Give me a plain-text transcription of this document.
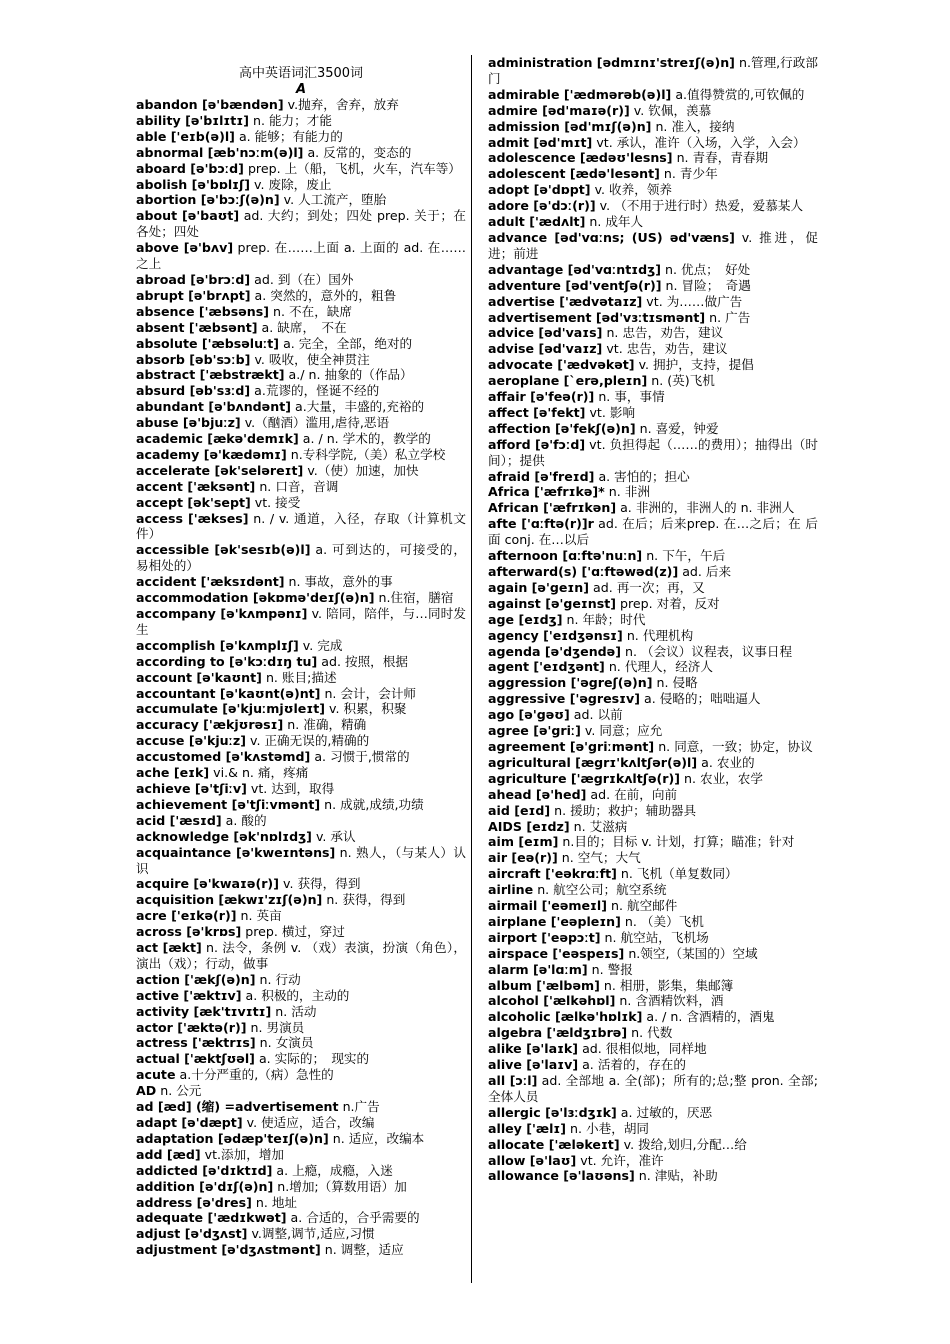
高中英语词汇3500词
A

abandon [ə'bændən] v.抛弃，舍弃，放弃

ability [ə'bɪlɪtɪ] n. 能力；才能

able ['eɪb(ə)l] a. 能够；有能力的

abnormal [æb'nɔːm(ə)l] a. 反常的，变态的

aboard [ə'bɔːd] prep. 上（船，飞机，火车，汽车等）

abolish [ə'bɒlɪʃ] v. 废除，废止

abortion [ə'bɔːʃ(ə)n] v. 人工流产，堕胎

about [ə'baʊt] ad. 大约；到处；四处 prep. 关于；在各处；四处

above [ə'bʌv] prep. 在……上面 a. 上面的 ad. 在……之上

abroad [ə'brɔːd] ad. 到（在）国外

abrupt [ə'brʌpt] a. 突然的，意外的，粗鲁

absence ['æbsəns] n. 不在，缺席

absent ['æbsənt] a. 缺席，　不在

absolute ['æbsəluːt] a. 完全，全部，绝对的

absorb [əb'sɔːb] v. 吸收，使全神贯注

abstract ['æbstrækt] a./ n. 抽象的（作品）

absurd [əb'sɜːd] a.荒谬的，怪诞不经的

abundant [ə'bʌndənt] a.大量，丰盛的,充裕的

abuse [ə'bjuːz] v.（酗酒）滥用,虐待,恶语

academic [ækə'demɪk] a. / n. 学术的，教学的

academy [ə'kædəmɪ] n.专科学院,（美）私立学校

accelerate [ək'seləreɪt] v.（使）加速，加快

accent ['æksənt] n. 口音，音调

accept [ək'sept] vt. 接受

access ['ækses] n. / v. 通道，入径，存取（计算机文件）

accessible [ək'sesɪb(ə)l] a. 可到达的，可接受的，易相处的）

accident ['æksɪdənt] n. 事故，意外的事

accommodation [əkɒmə'deɪʃ(ə)n] n.住宿，膳宿

accompany [ə'kʌmpənɪ] v. 陪同，陪伴，与…同时发生

accomplish [ə'kʌmplɪʃ] v. 完成

according to [ə'kɔːdɪŋ tu] ad. 按照，根据

account [ə'kaʊnt] n. 账目;描述

accountant [ə'kaʊnt(ə)nt] n. 会计，会计师

accumulate [ə'kjuːmjʊleɪt] v. 积累，积聚

accuracy ['ækjʊrəsɪ] n. 准确，精确

accuse [ə'kjuːz] v. 正确无误的,精确的

accustomed [ə'kʌstəmd] a. 习惯于,惯常的

ache [eɪk] vi.& n. 痛，疼痛

achieve [ə'tʃiːv] vt. 达到，取得

achievement [ə'tʃiːvmənt] n. 成就,成绩,功绩

acid ['æsɪd] a. 酸的

acknowledge [ək'nɒlɪdʒ] v. 承认

acquaintance [ə'kweɪntəns] n. 熟人，（与某人）认识

acquire [ə'kwaɪə(r)] v. 获得，得到

acquisition [ækwɪ'zɪʃ(ə)n] n. 获得，得到

acre ['eɪkə(r)] n. 英亩

across [ə'krɒs] prep. 横过，穿过

act [ækt] n. 法令，条例 v. （戏）表演，扮演（角色），演出（戏）；行动，做事

action ['ækʃ(ə)n] n. 行动

active ['æktɪv] a. 积极的，主动的

activity [æk'tɪvɪtɪ] n. 活动

actor ['æktə(r)] n. 男演员

actress ['æktrɪs] n. 女演员

actual ['æktʃʊəl] a. 实际的；　现实的

acute a.十分严重的,（病）急性的

AD n. 公元

ad [æd] (缩) =advertisement n.广告

adapt [ə'dæpt] v. 使适应，适合，改编

adaptation [ədæp'teɪʃ(ə)n] n. 适应，改编本

add [æd] vt.添加，增加

addicted [ə'dɪktɪd] a. 上瘾，成瘾，入迷

addition [ə'dɪʃ(ə)n] n.增加;（算数用语）加

address [ə'dres] n. 地址

adequate ['ædɪkwət] a. 合适的，合乎需要的

adjust [ə'dʒʌst] v.调整,调节,适应,习惯

adjustment [ə'dʒʌstmənt] n. 调整，适应

administration [ədmɪnɪ'streɪʃ(ə)n] n.管理,行政部门

admirable ['ædmərəb(ə)l] a.值得赞赏的,可钦佩的

admire [əd'maɪə(r)] v. 钦佩，羡慕

admission [əd'mɪʃ(ə)n] n. 准入，接纳

admit [əd'mɪt] vt. 承认，准许（入场，入学，入会）

adolescence [ædəʊ'lesns] n. 青春，青春期

adolescent [ædə'lesənt] n. 青少年

adopt [ə'dɒpt] v. 收养，领养

adore [ə'dɔː(r)] v. （不用于进行时）热爱，爱慕某人

adult ['ædʌlt] n. 成年人

advance [əd'vɑːns; (US) əd'væns] v. 推进，促进；前进

advantage [əd'vɑːntɪdʒ] n. 优点；　好处

adventure [əd'ventʃə(r)] n. 冒险；　奇遇

advertise ['ædvətaɪz] vt. 为……做广告

advertisement [əd'vɜːtɪsmənt] n. 广告

advice [əd'vaɪs] n. 忠告，劝告，建议

advise [əd'vaɪz] vt. 忠告，劝告，建议

advocate ['ædvəkət] v. 拥护，支持，提倡

aeroplane [`erə,pleɪn] n. (英)飞机

affair [ə'feə(r)] n. 事，事情

affect [ə'fekt] vt. 影响

affection [ə'fekʃ(ə)n] n. 喜爱，钟爱

afford [ə'fɔːd] vt. 负担得起（……的费用）；抽得出（时间）；提供

afraid [ə'freɪd] a. 害怕的；担心

Africa ['æfrɪkə]* n. 非洲

African ['æfrɪkən] a. 非洲的，非洲人的 n. 非洲人

afte ['ɑːftə(r)]r ad. 在后；后来prep. 在…之后；在 后面 conj. 在…以后

afternoon [ɑːftə'nuːn] n. 下午，午后

afterward(s) ['ɑːftəwəd(z)] ad. 后来

again [ə'geɪn] ad. 再一次；再，又

against [ə'geɪnst] prep. 对着，反对

age [eɪdʒ] n. 年龄；时代

agency ['eɪdʒənsɪ] n. 代理机构

agenda [ə'dʒendə] n. （会议）议程表，议事日程

agent ['eɪdʒənt] n. 代理人，经济人

aggression ['əgreʃ(ə)n] n. 侵略

aggressive ['əgresɪv] a. 侵略的；咄咄逼人

ago [ə'gəʊ] ad. 以前

agree [ə'griː] v. 同意；应允

agreement [ə'griːmənt] n. 同意，一致；协定，协议

agricultural [ægrɪ'kʌltʃər(ə)l] a. 农业的

agriculture ['ægrɪkʌltʃə(r)] n. 农业，农学

ahead [ə'hed] ad. 在前，向前

aid [eɪd] n. 援助；救护；辅助器具

AIDS [eɪdz] n. 艾滋病

aim [eɪm] n.目的；目标 v. 计划，打算；瞄准；针对

air [eə(r)] n. 空气；大气

aircraft ['eəkrɑːft] n. 飞机（单复数同）

airline n. 航空公司；航空系统

airmail ['eəmeɪl] n. 航空邮件

airplane ['eəpleɪn] n. （美）飞机

airport ['eəpɔːt] n. 航空站，飞机场

airspace ['eəspeɪs] n.领空,（某国的）空域

alarm [ə'lɑːm] n. 警报

album ['ælbəm] n. 相册，影集，集邮簿

alcohol ['ælkəhɒl] n. 含酒精饮料，酒

alcoholic [ælkə'hɒlɪk] a. / n. 含酒精的，酒鬼

algebra ['ældʒɪbrə] n. 代数

alike [ə'laɪk] ad. 很相似地，同样地

alive [ə'laɪv] a. 活着的，存在的

all [ɔːl] ad. 全部地 a. 全(部)；所有的;总;整 pron. 全部;全体人员

allergic [ə'lɜːdʒɪk] a. 过敏的，厌恶

alley ['ælɪ] n. 小巷，胡同

allocate ['æləkeɪt] v. 拨给,划归,分配…给

allow [ə'laʊ] vt. 允许，准许

allowance [ə'laʊəns] n. 津贴，补助
